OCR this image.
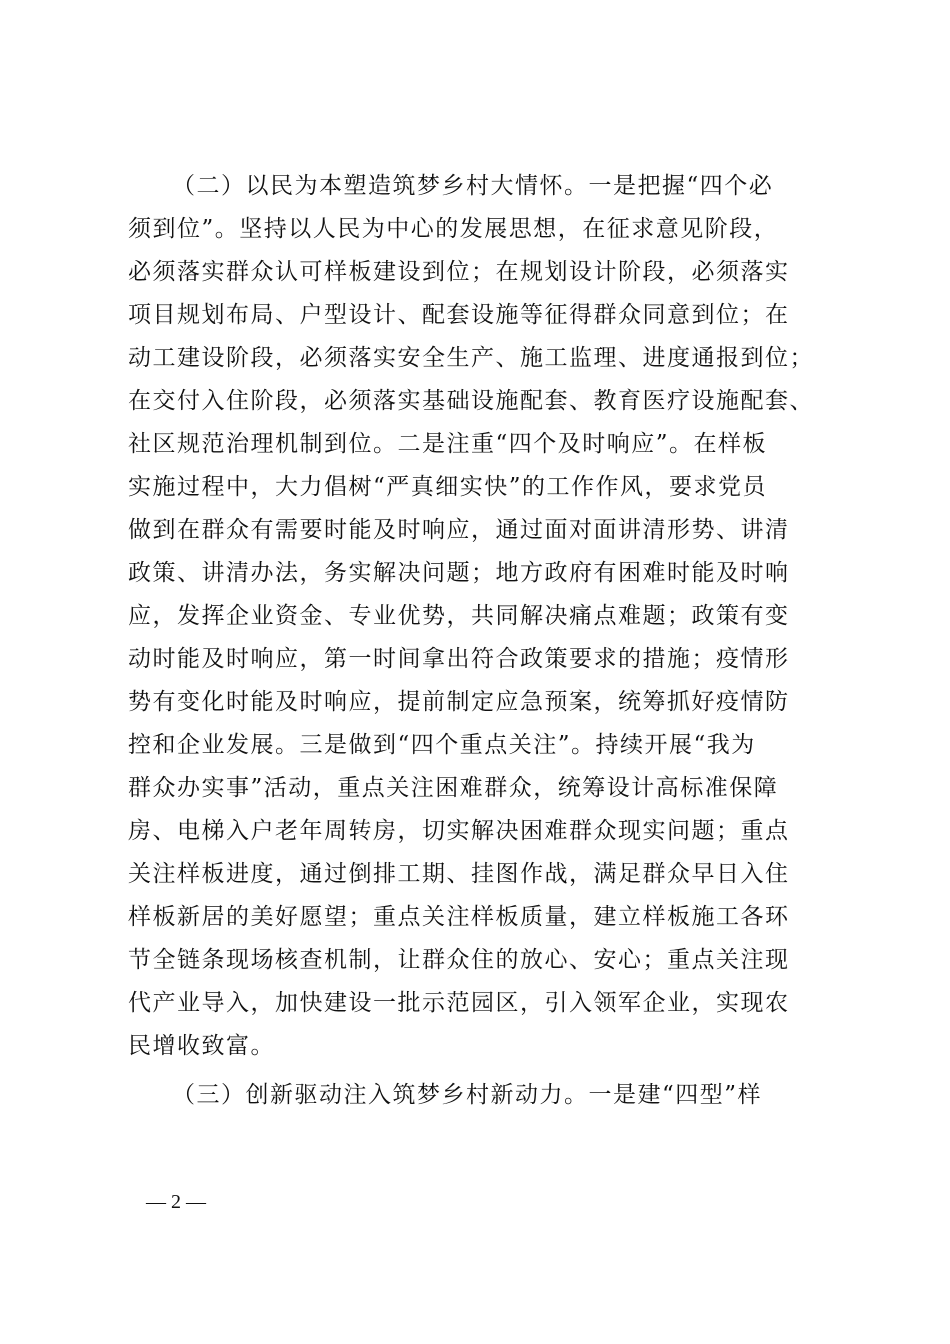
（二）以民为本塑造筑梦乡村大情怀。一是把握“四个必
须到位”。坚持以人民为中心的发展思想，在征求意见阶段，
必须落实群众认可样板建设到位；在规划设计阶段，必须落实
项目规划布局、户型设计、配套设施等征得群众同意到位；在
动工建设阶段，必须落实安全生产、施工监理、进度通报到位；
在交付入住阶段，必须落实基础设施配套、教育医疗设施配套、
社区规范治理机制到位。二是注重“四个及时响应”。在样板
实施过程中，大力倡树“严真细实快”的工作作风，要求党员
做到在群众有需要时能及时响应，通过面对面讲清形势、讲清
政策、讲清办法，务实解决问题；地方政府有困难时能及时响
应，发挥企业资金、专业优势，共同解决痛点难题；政策有变
动时能及时响应，第一时间拿出符合政策要求的措施；疫情形
势有变化时能及时响应，提前制定应急预案，统筹抓好疫情防
控和企业发展。三是做到“四个重点关注”。持续开展“我为
群众办实事”活动，重点关注困难群众，统筹设计高标准保障
房、电梯入户老年周转房，切实解决困难群众现实问题；重点
关注样板进度，通过倒排工期、挂图作战，满足群众早日入住
样板新居的美好愿望；重点关注样板质量，建立样板施工各环
节全链条现场核查机制，让群众住的放心、安心；重点关注现
代产业导入，加快建设一批示范园区，引入领军企业，实现农
民增收致富。
（三）创新驱动注入筑梦乡村新动力。一是建“四型”样
— 2 —
